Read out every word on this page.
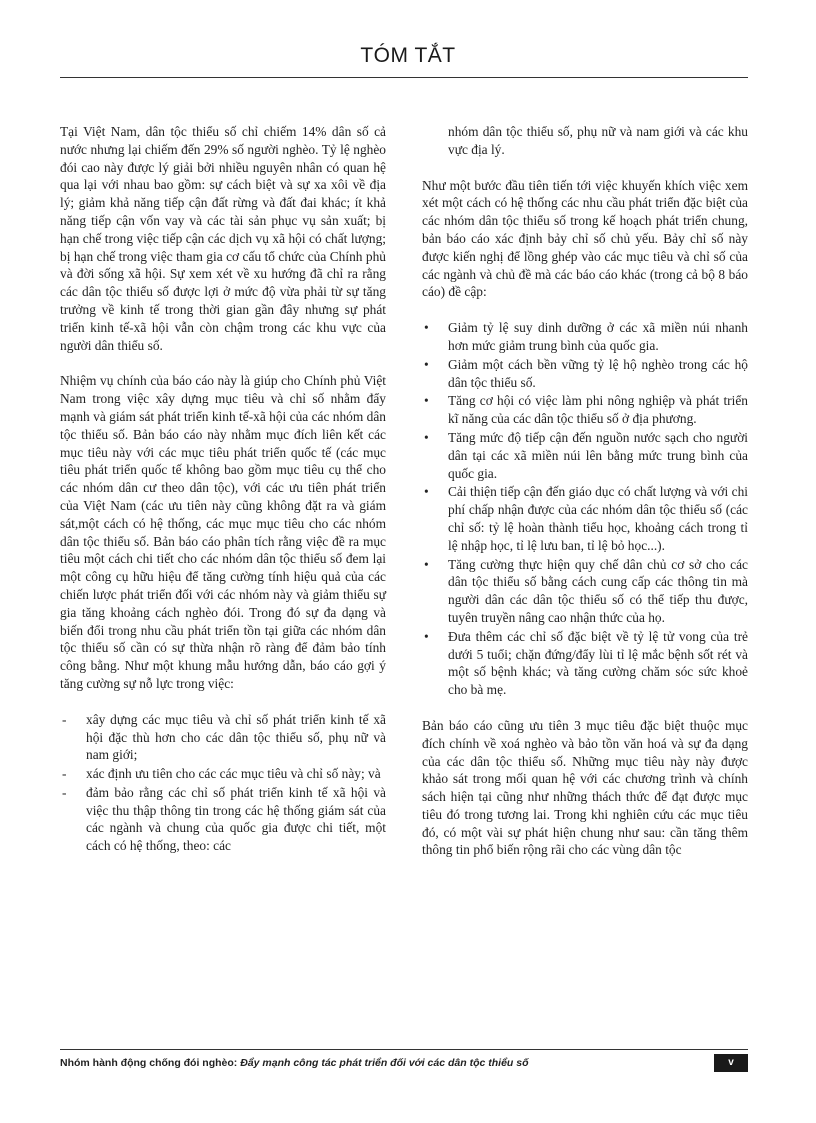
TÓM TẮT

Tại Việt Nam, dân tộc thiểu số chỉ chiếm 14% dân số cả nước nhưng lại chiếm đến 29% số người nghèo. Tỷ lệ nghèo đói cao này được lý giải bởi nhiều nguyên nhân có quan hệ qua lại với nhau bao gồm: sự cách biệt và sự xa xôi về địa lý; giảm khả năng tiếp cận đất rừng và đất đai khác; ít khả năng tiếp cận vốn vay và các tài sản phục vụ sản xuất; bị hạn chế trong việc tiếp cận các dịch vụ xã hội có chất lượng; bị hạn chế trong việc tham gia cơ cấu tổ chức của Chính phủ và đời sống xã hội. Sự xem xét về xu hướng đã chỉ ra rằng các dân tộc thiểu số được lợi ở mức độ vừa phải từ sự tăng trưởng về kinh tế trong thời gian gần đây nhưng sự phát triển kinh tế-xã hội vẫn còn chậm trong các khu vực của người dân thiểu số.

Nhiệm vụ chính của báo cáo này là giúp cho Chính phủ Việt Nam trong việc xây dựng mục tiêu và chỉ số nhằm đẩy mạnh và giám sát phát triển kinh tế-xã hội của các nhóm dân tộc thiểu số. Bản báo cáo này nhằm mục đích liên kết các mục tiêu này với các mục tiêu phát triển quốc tế (các mục tiêu phát triển quốc tế không bao gồm mục tiêu cụ thể cho các nhóm dân cư theo dân tộc), với các ưu tiên phát triển của Việt Nam (các ưu tiên này cũng không đặt ra và giám sát,một cách có hệ thống, các mục mục tiêu cho các nhóm dân tộc thiểu số. Bản báo cáo phân tích rằng việc đề ra mục tiêu một cách chi tiết cho các nhóm dân tộc thiểu số đem lại một công cụ hữu hiệu để tăng cường tính hiệu quả của các chiến lược phát triển đối với các nhóm này và giảm thiểu sự gia tăng khoảng cách nghèo đói. Trong đó sự đa dạng và biến đổi trong nhu cầu phát triển tồn tại giữa các nhóm dân tộc thiểu số cần có sự thừa nhận rõ ràng để đảm bảo tính công bằng. Như một khung mẫu hướng dẫn, báo cáo gợi ý tăng cường sự nỗ lực trong việc:

- xây dựng các mục tiêu và chỉ số phát triển kinh tế xã hội đặc thù hơn cho các dân tộc thiểu số, phụ nữ và nam giới;
- xác định ưu tiên cho các các mục tiêu và chỉ số này; và
- đảm bảo rằng các chỉ số phát triển kinh tế xã hội và việc thu thập thông tin trong các hệ thống giám sát của các ngành và chung của quốc gia được chi tiết, một cách có hệ thống, theo: các

nhóm dân tộc thiểu số, phụ nữ và nam giới và các khu vực địa lý.

Như một bước đầu tiên tiến tới việc khuyến khích việc xem xét một cách có hệ thống các nhu cầu phát triển đặc biệt của các nhóm dân tộc thiểu số trong kế hoạch phát triển chung, bản báo cáo xác định bảy chỉ số chủ yếu. Bảy chỉ số này được kiến nghị để lồng ghép vào các mục tiêu và chỉ số của các ngành và chủ đề mà các báo cáo khác (trong cả bộ 8 báo cáo) đề cập:

• Giảm tỷ lệ suy dinh dưỡng ở các xã miền núi nhanh hơn mức giảm trung bình của quốc gia.
• Giảm một cách bền vững tỷ lệ hộ nghèo trong các hộ dân tộc thiểu số.
• Tăng cơ hội có việc làm phi nông nghiệp và phát triển kĩ năng của các dân tộc thiểu số ở địa phương.
• Tăng mức độ tiếp cận đến nguồn nước sạch cho người dân tại các xã miền núi lên bằng mức trung bình của quốc gia.
• Cải thiện tiếp cận đến giáo dục có chất lượng và với chi phí chấp nhận được của các nhóm dân tộc thiểu số (các chỉ số: tỷ lệ hoàn thành tiểu học, khoảng cách trong tỉ lệ nhập học, tỉ lệ lưu ban, tỉ lệ bỏ học...).
• Tăng cường thực hiện quy chế dân chủ cơ sở cho các dân tộc thiểu số bằng cách cung cấp các thông tin mà người dân các dân tộc thiểu số có thể tiếp thu được, tuyên truyền nâng cao nhận thức của họ.
• Đưa thêm các chỉ số đặc biệt về tỷ lệ tử vong của trẻ dưới 5 tuổi; chặn đứng/đẩy lùi tỉ lệ mắc bệnh sốt rét và một số bệnh khác; và tăng cường chăm sóc sức khoẻ cho bà mẹ.

Bản báo cáo cũng ưu tiên 3 mục tiêu đặc biệt thuộc mục đích chính về xoá nghèo và bảo tồn văn hoá và sự đa dạng của các dân tộc thiểu số. Những mục tiêu này này được khảo sát trong mối quan hệ với các chương trình và chính sách hiện tại cũng như những thách thức để đạt được mục tiêu đó trong tương lai. Trong khi nghiên cứu các mục tiêu đó, có một vài sự phát hiện chung như sau: cần tăng thêm thông tin phổ biến rộng rãi cho các vùng dân tộc

Nhóm hành động chống đói nghèo: Đẩy mạnh công tác phát triển đối với các dân tộc thiểu số	v
